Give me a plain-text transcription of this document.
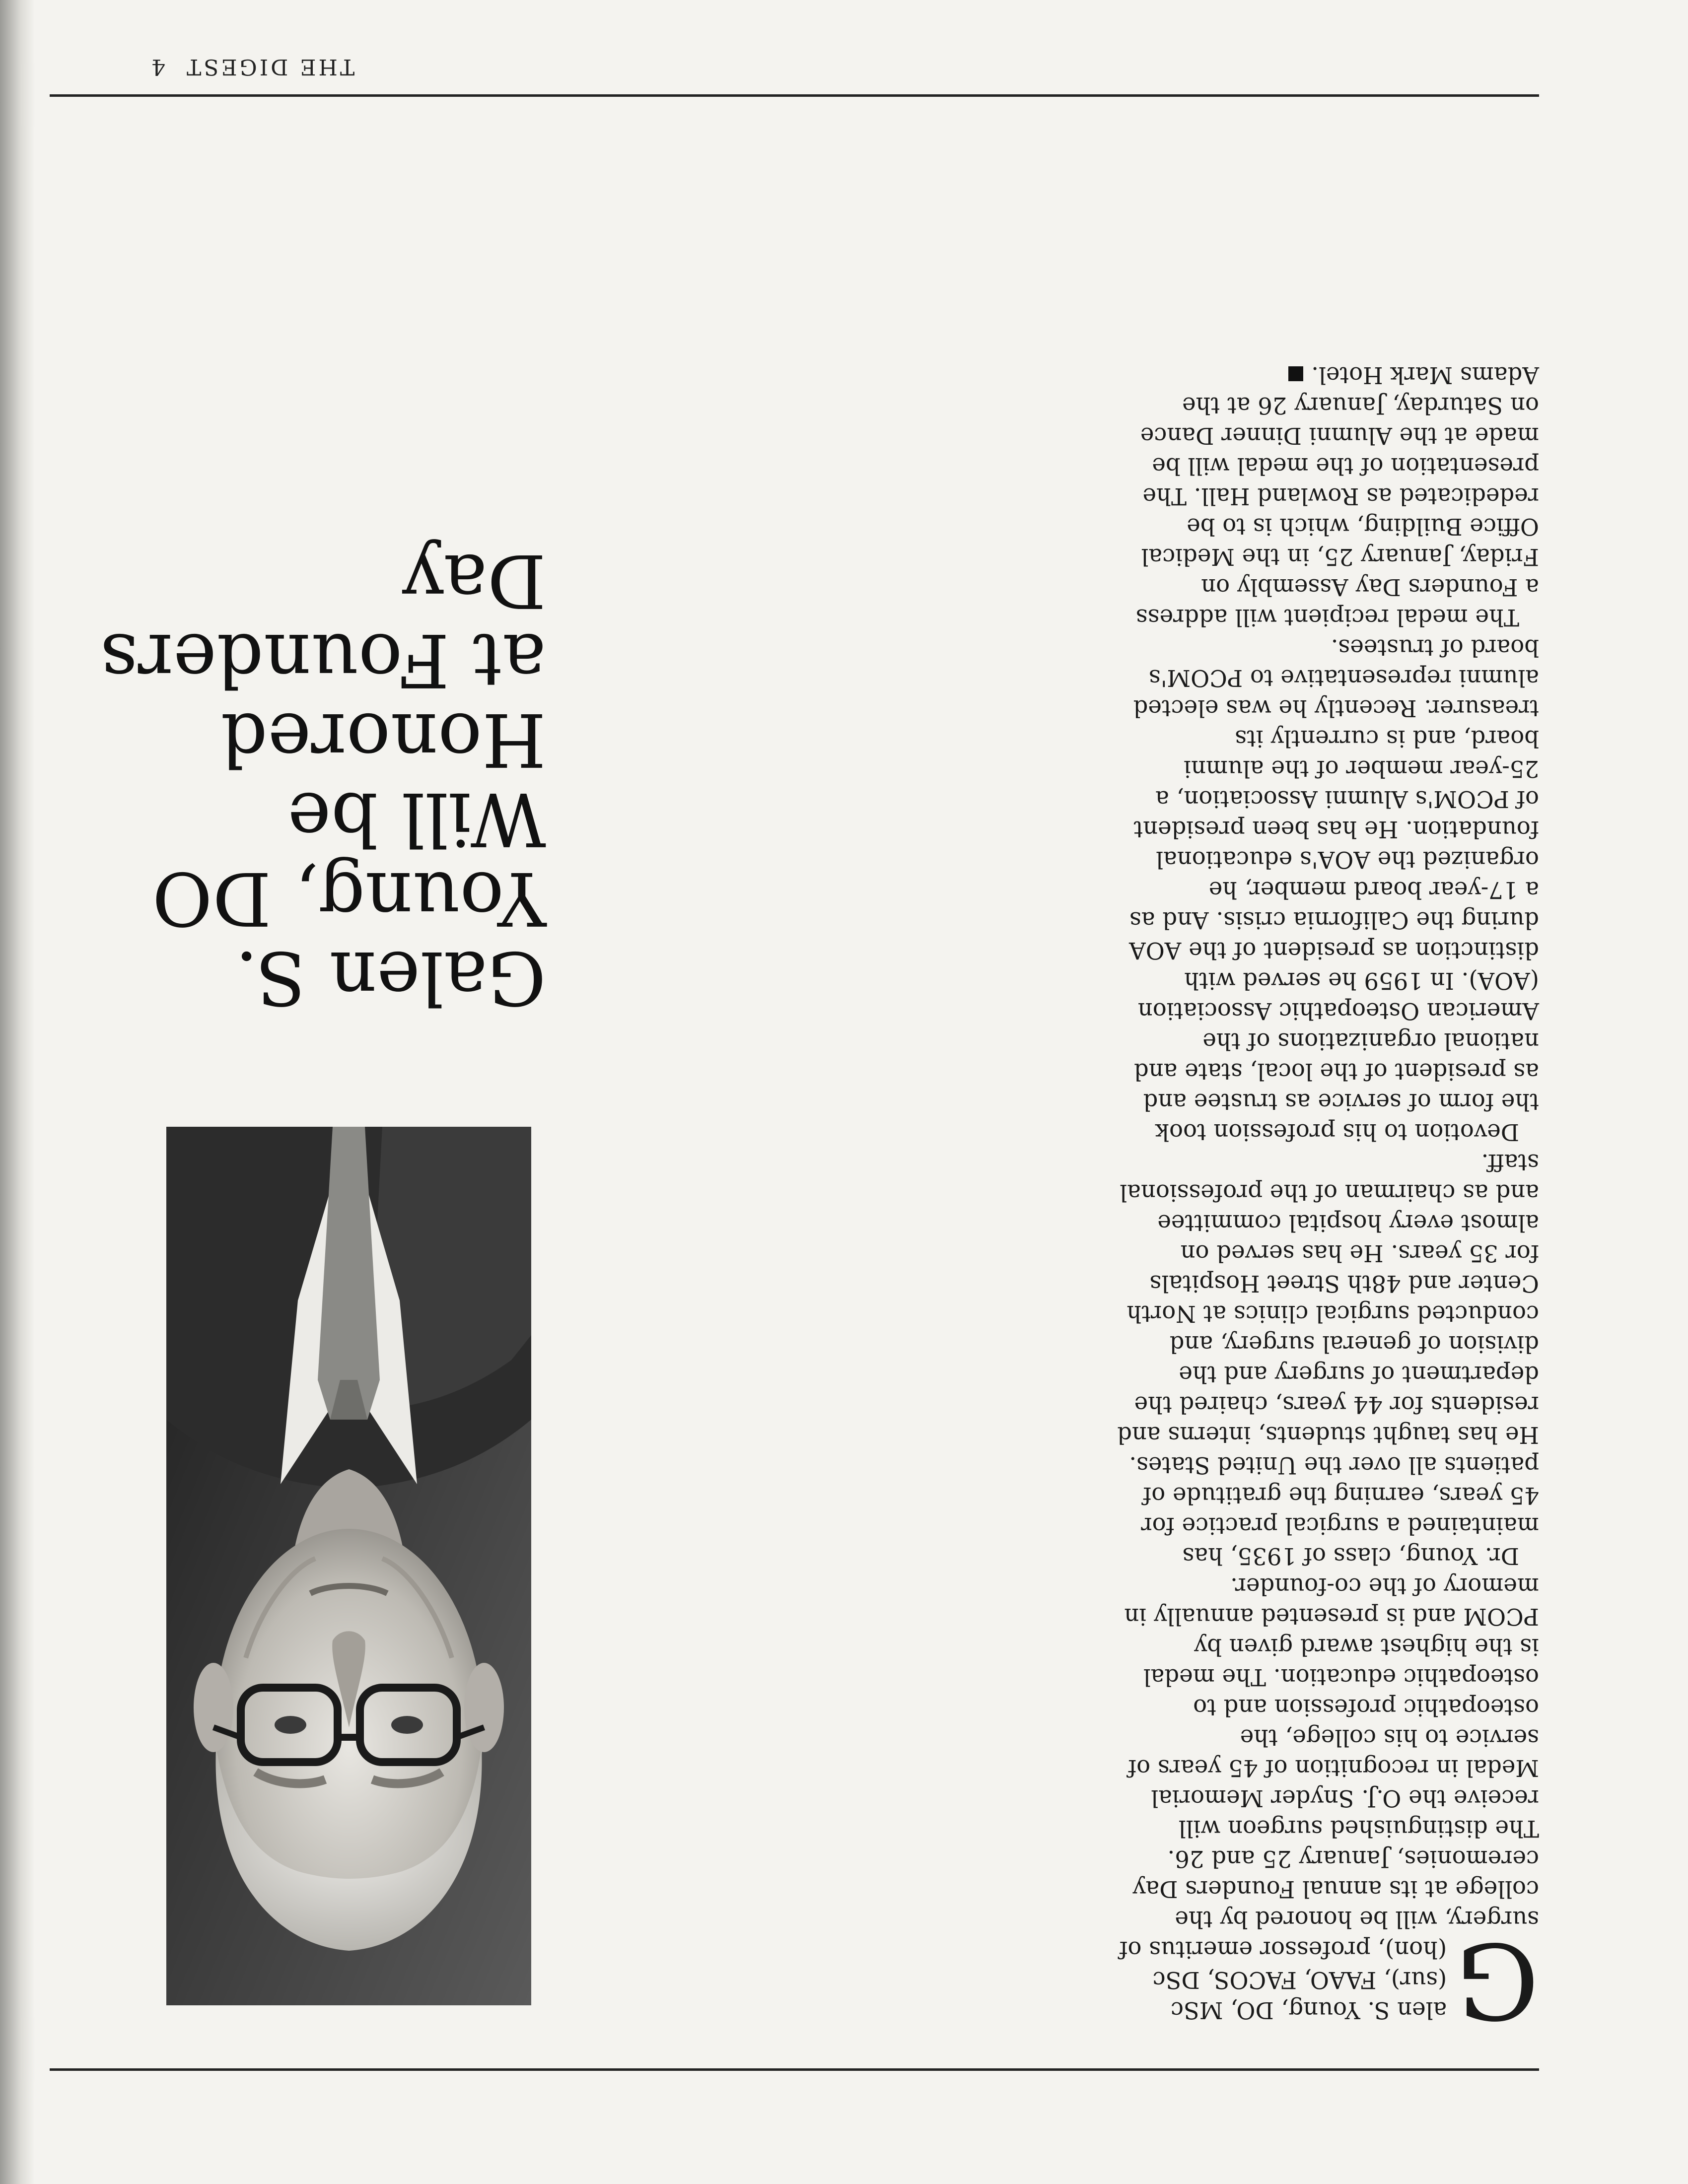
THE DIGEST
4
Galen S. Young, DO
Will be Honored
at Founders Day

G
alen S. Young, DO, MSc (sur), FAAO, FACOS, DSc (hon), professor emeritus of surgery, will be honored by the college at its annual Founders Day ceremonies, January 25 and 26. The distinguished surgeon will receive the O.J. Snyder Memorial Medal in recognition of 45 years of service to his college, the osteopathic profession and to osteopathic education. The medal is the highest award given by PCOM and is presented annually in memory of the co-founder.

Dr. Young, class of 1935, has maintained a surgical practice for 45 years, earning the gratitude of patients all over the United States. He has taught students, interns and residents for 44 years, chaired the department of surgery and the division of general surgery, and conducted surgical clinics at North Center and 48th Street Hospitals for 35 years. He has served on almost every hospital committee and as chairman of the professional staff.

Devotion to his profession took the form of service as trustee and as president of the local, state and national organizations of the American Osteopathic Association (AOA). In 1959 he served with distinction as president of the AOA during the California crisis. And as a 17-year board member, he organized the AOA's educational foundation. He has been president of PCOM's Alumni Association, a 25-year member of the alumni board, and is currently its treasurer. Recently he was elected alumni representative to PCOM's board of trustees.

The medal recipient will address a Founders Day Assembly on Friday, January 25, in the Medical Office Building, which is to be rededicated as Rowland Hall. The presentation of the medal will be made at the Alumni Dinner Dance on Saturday, January 26 at the Adams Mark Hotel.
